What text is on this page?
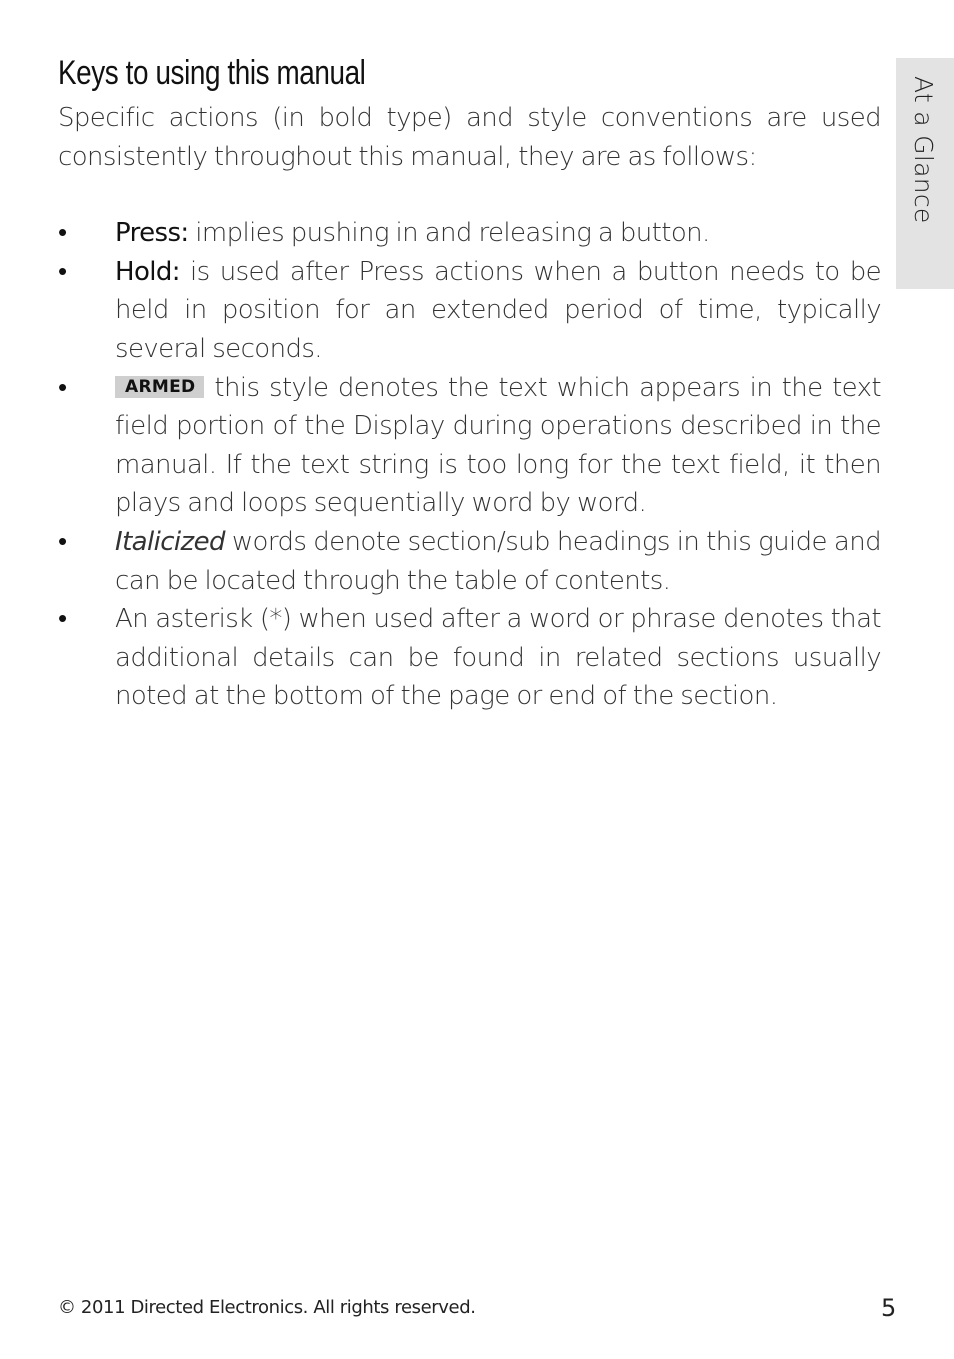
Keys to using this manual

Specific actions (in bold type) and style conventions are used consistently throughout this manual, they are as follows:

•	Press: implies pushing in and releasing a button.
•	Hold: is used after Press actions when a button needs to be held in position for an extended period of time, typically several seconds.
•	ARMED this style denotes the text which appears in the text field portion of the Display during operations described in the manual. If the text string is too long for the text field, it then plays and loops sequentially word by word.
•	Italicized words denote section/sub headings in this guide and can be located through the table of contents.
•	An asterisk (*) when used after a word or phrase denotes that additional details can be found in related sections usually noted at the bottom of the page or end of the section.
At a Glance
© 2011 Directed Electronics. All rights reserved.	5
